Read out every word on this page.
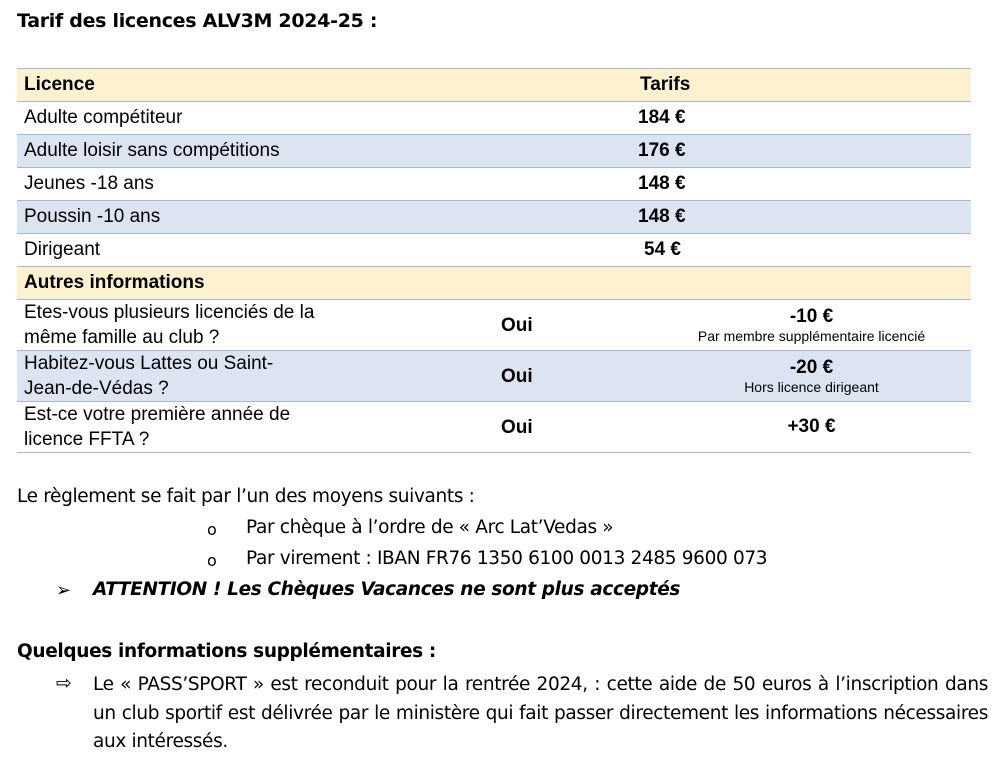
Tarif des licences ALV3M 2024-25 :
Licence	Tarifs	
Adulte compétiteur	184 €	
Adulte loisir sans compétitions	176 €	
Jeunes -18 ans	148 €	
Poussin -10 ans	148 €	
Dirigeant	54 €	
Autres informations		
Etes-vous plusieurs licenciés de la
même famille au club ?	Oui	-10 €
Par membre supplémentaire licencié

Habitez-vous Lattes ou Saint-
Jean-de-Védas ?	Oui	-20 €
Hors licence dirigeant

Est-ce votre première année de
licence FFTA ?	Oui	+30 €
Le règlement se fait par l’un des moyens suivants :
o Par chèque à l’ordre de « Arc Lat’Vedas »
o Par virement : IBAN FR76 1350 6100 0013 2485 9600 073
➢ ATTENTION ! Les Chèques Vacances ne sont plus acceptés
Quelques informations supplémentaires :
⇨ Le « PASS’SPORT » est reconduit pour la rentrée 2024, : cette aide de 50 euros à l’inscription dans un club sportif est délivrée par le ministère qui fait passer directement les informations nécessaires aux intéressés.
